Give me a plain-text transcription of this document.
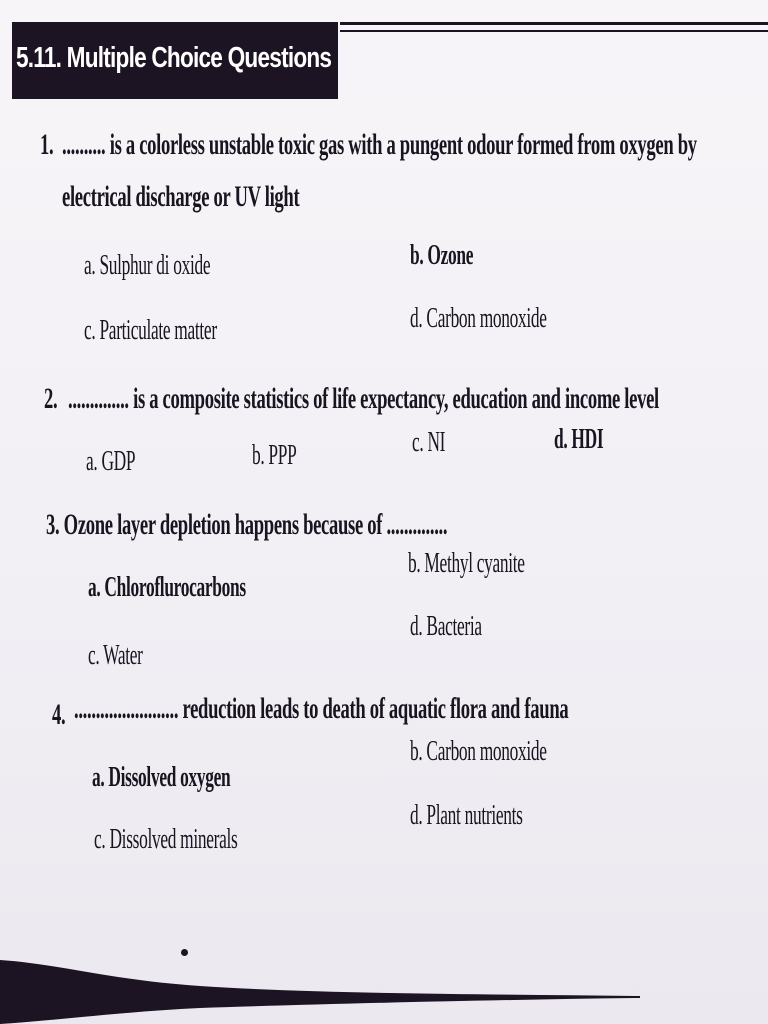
5.11. Multiple Choice Questions
1. .......... is a colorless unstable toxic gas with a pungent odour formed from oxygen by
electrical discharge or UV light
a. Sulphur di oxide	b. Ozone
c. Particulate matter	d. Carbon monoxide
2. .............. is a composite statistics of life expectancy, education and income level
a. GDP	b. PPP	c. NI	d. HDI
3. Ozone layer depletion happens because of ..............
a. Chloroflurocarbons
b. Methyl cyanite
c. Water
d. Bacteria
4. ........................ reduction leads to death of aquatic flora and fauna
a. Dissolved oxygen
b. Carbon monoxide
c. Dissolved minerals
d. Plant nutrients
